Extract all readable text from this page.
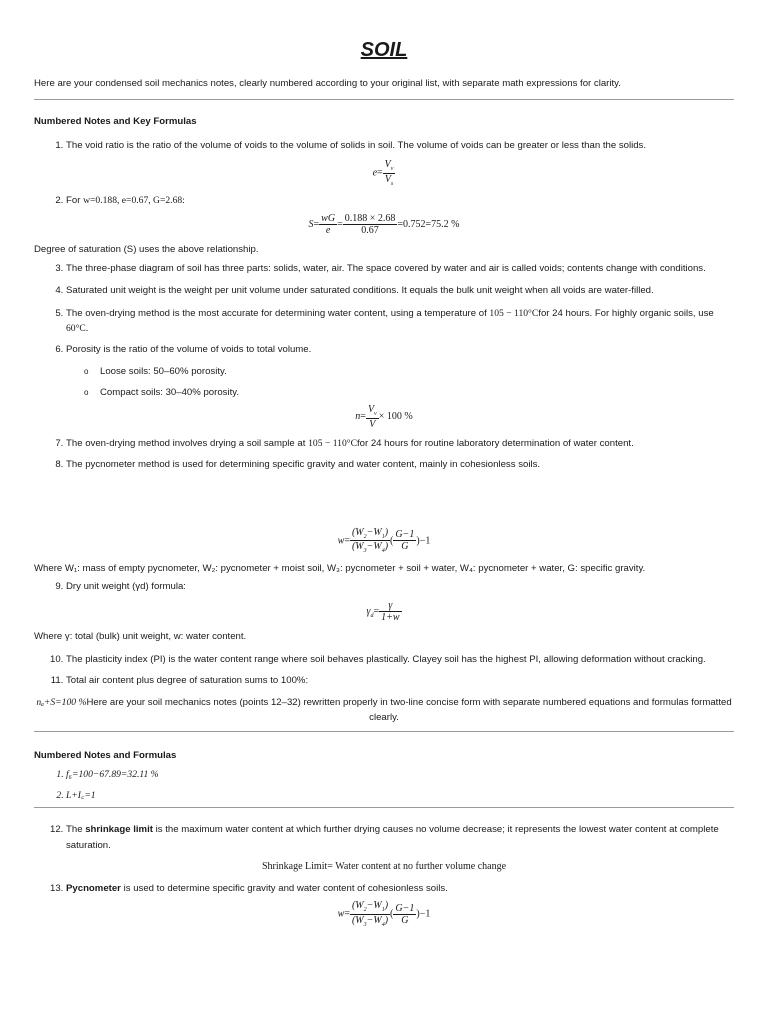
SOIL

Here are your condensed soil mechanics notes, clearly numbered according to your original list, with separate math expressions for clarity.

Numbered Notes and Key Formulas

1. The void ratio is the ratio of the volume of voids to the volume of solids in soil. The volume of voids can be greater or less than the solids.
$e= \frac{V_v}{V_s}$
2. For w=0.188, e=0.67, G=2.68:
$S= \frac{wG}{e} = \frac{0.188 \times 2.68}{0.67} =0.752=75.2$ %

Degree of saturation (S) uses the above relationship.

3. The three-phase diagram of soil has three parts: solids, water, air. The space covered by water and air is called voids; contents change with conditions.
4. Saturated unit weight is the weight per unit volume under saturated conditions. It equals the bulk unit weight when all voids are water-filled.
5. The oven-drying method is the most accurate for determining water content, using a temperature of 105 − 110°Cfor 24 hours. For highly organic soils, use 60°C.
6. Porosity is the ratio of the volume of voids to total volume.
o Loose soils: 50–60% porosity.
o Compact soils: 30–40% porosity.
$n= \frac{V_v}{V} \times 100$ %
7. The oven-drying method involves drying a soil sample at 105 − 110°Cfor 24 hours for routine laboratory determination of water content.
8. The pycnometer method is used for determining specific gravity and water content, mainly in cohesionless soils.
$w= \frac{(W_2-W_1)}{(W_3-W_4)}$ ( $\frac{G-1}{G} )-1$

Where W₁: mass of empty pycnometer, W₂: pycnometer + moist soil, W₃: pycnometer + soil + water, W₄: pycnometer + water, G: specific gravity.

9. Dry unit weight (γd) formula:
$\gamma_d= \frac{\gamma}{1+w}$

Where γ: total (bulk) unit weight, w: water content.

10. The plasticity index (PI) is the water content range where soil behaves plastically. Clayey soil has the highest PI, allowing deformation without cracking.
11. Total air content plus degree of saturation sums to 100%:

nₐ+S=100 %Here are your soil mechanics notes (points 12–32) rewritten properly in two-line concise form with separate numbered equations and formulas formatted clearly.

Numbered Notes and Formulas

1. f₆=100−67.89=32.11 %
2. L+I꜀=1
12. The shrinkage limit is the maximum water content at which further drying causes no volume decrease; it represents the lowest water content at complete saturation.
Shrinkage Limit= Water content at no further volume change
13. Pycnometer is used to determine specific gravity and water content of cohesionless soils.
$w= \frac{(W_2-W_1)}{(W_3-W_4)}$ ( $\frac{G-1}{G} )-1$
